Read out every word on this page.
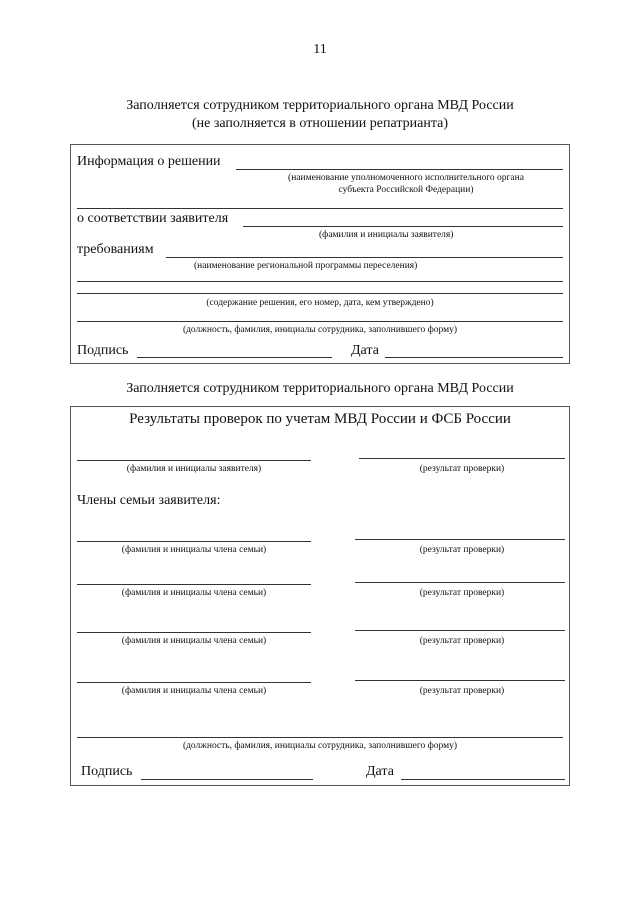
11
Заполняется сотрудником территориального органа МВД России
(не заполняется в отношении репатрианта)
Информация о решении
(наименование уполномоченного исполнительного органа
субъекта Российской Федерации)
о соответствии заявителя
(фамилия и инициалы заявителя)
требованиям
(наименование региональной программы переселения)
(содержание решения, его номер, дата, кем утверждено)
(должность, фамилия, инициалы сотрудника, заполнившего форму)
Подпись	Дата
Заполняется сотрудником территориального органа МВД России
Результаты проверок по учетам МВД России и ФСБ России
(фамилия и инициалы заявителя)	(результат проверки)
Члены семьи заявителя:
(фамилия и инициалы члена семьи)	(результат проверки)
(фамилия и инициалы члена семьи)	(результат проверки)
(фамилия и инициалы члена семьи)	(результат проверки)
(фамилия и инициалы члена семьи)	(результат проверки)
(должность, фамилия, инициалы сотрудника, заполнившего форму)
Подпись	Дата
